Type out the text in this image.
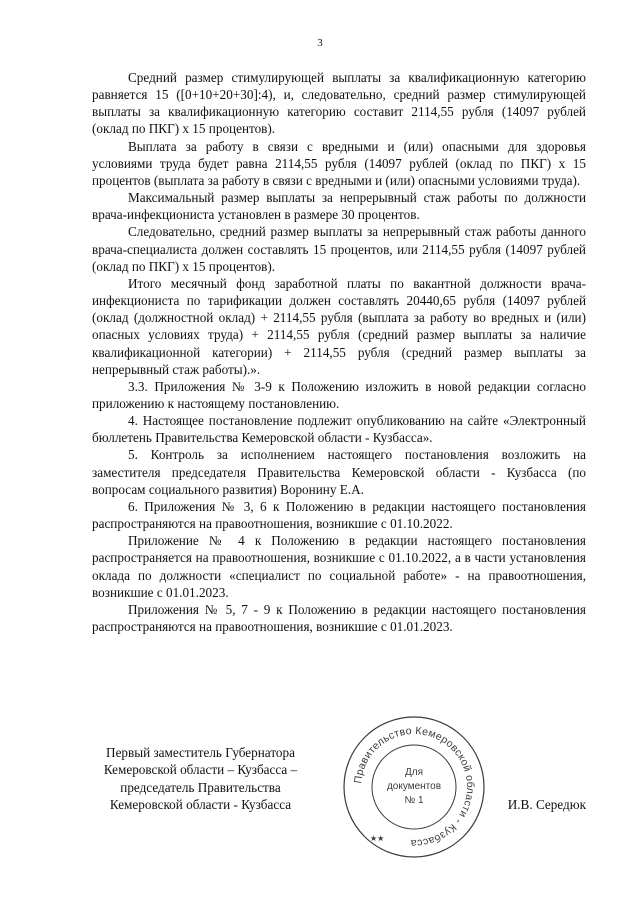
3

Средний размер стимулирующей выплаты за квалификационную категорию равняется 15 ([0+10+20+30]:4), и, следовательно, средний размер стимулирующей выплаты за квалификационную категорию составит 2114,55 рубля (14097 рублей (оклад по ПКГ) х 15 процентов).

Выплата за работу в связи с вредными и (или) опасными для здоровья условиями труда будет равна 2114,55 рубля (14097 рублей (оклад по ПКГ) х 15 процентов (выплата за работу в связи с вредными и (или) опасными условиями труда).

Максимальный размер выплаты за непрерывный стаж работы по должности врача-инфекциониста установлен в размере 30 процентов.

Следовательно, средний размер выплаты за непрерывный стаж работы данного врача-специалиста должен составлять 15 процентов, или 2114,55 рубля (14097 рублей (оклад по ПКГ) х 15 процентов).

Итого месячный фонд заработной платы по вакантной должности врача-инфекциониста по тарификации должен составлять 20440,65 рубля (14097 рублей (оклад (должностной оклад) + 2114,55 рубля (выплата за работу во вредных и (или) опасных условиях труда) + 2114,55 рубля (средний размер выплаты за наличие квалификационной категории) + 2114,55 рубля (средний размер выплаты за непрерывный стаж работы).».

3.3. Приложения № 3-9 к Положению изложить в новой редакции согласно приложению к настоящему постановлению.

4. Настоящее постановление подлежит опубликованию на сайте «Электронный бюллетень Правительства Кемеровской области - Кузбасса».

5. Контроль за исполнением настоящего постановления возложить на заместителя председателя Правительства Кемеровской области - Кузбасса (по вопросам социального развития) Воронину Е.А.

6. Приложения № 3, 6 к Положению в редакции настоящего постановления распространяются на правоотношения, возникшие с 01.10.2022.

Приложение № 4 к Положению в редакции настоящего постановления распространяется на правоотношения, возникшие с 01.10.2022, а в части установления оклада по должности «специалист по социальной работе» - на правоотношения, возникшие с 01.01.2023.

Приложения № 5, 7 - 9 к Положению в редакции настоящего постановления распространяются на правоотношения, возникшие с 01.01.2023.

Первый заместитель Губернатора
Кемеровской области – Кузбасса –
председатель Правительства
Кемеровской области - Кузбасса
Правительство Кемеровской области - Кузбасса
★★
Для
документов
№ 1	И.В. Середюк
